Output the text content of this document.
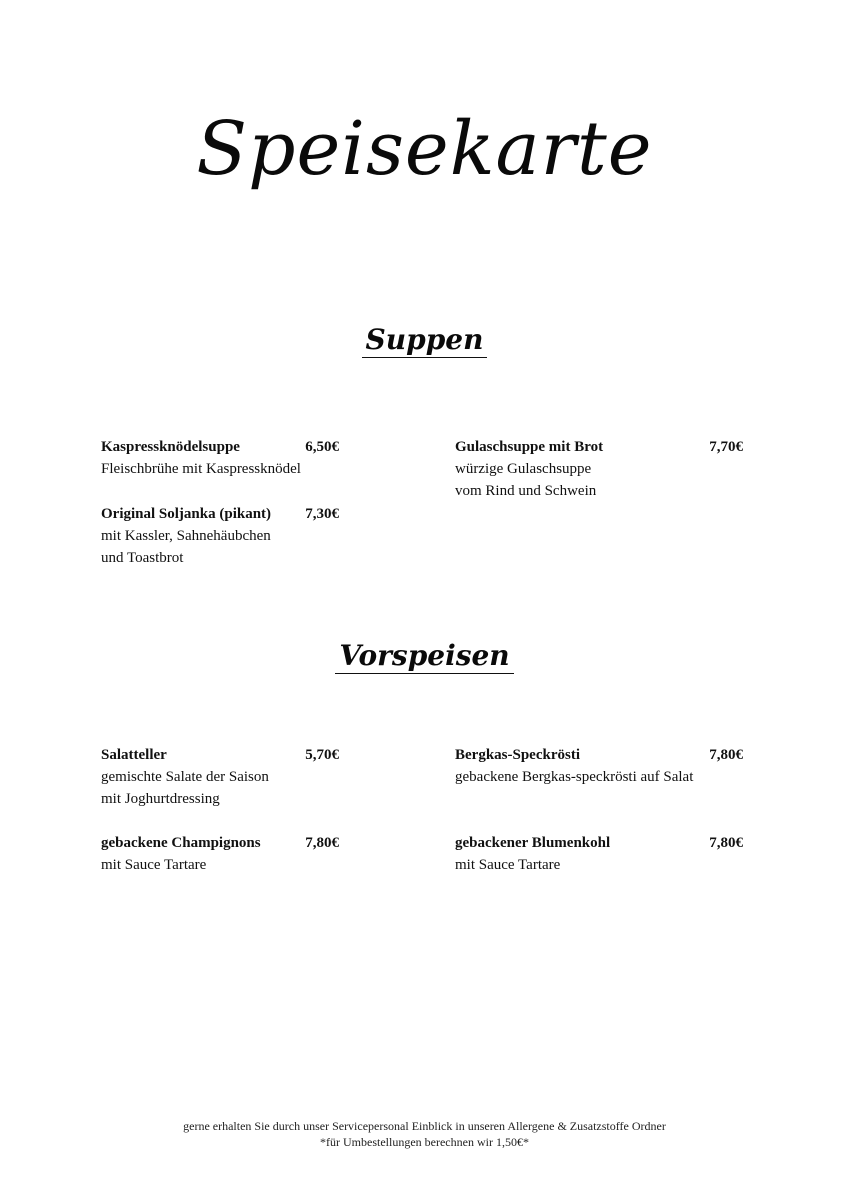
Speisekarte
Suppen
Kaspressknödelsuppe	6,50€
Fleischbrühe mit Kaspressknödel
Original Soljanka (pikant) 7,30€
mit Kassler, Sahnehäubchen
und Toastbrot
Gulaschsuppe mit Brot	7,70€
würzige Gulaschsuppe
vom Rind und Schwein
Vorspeisen
Salatteller	5,70€
gemischte Salate der Saison
mit Joghurtdressing
gebackene Champignons	7,80€
mit Sauce Tartare
Bergkas-Speckrösti	7,80€
gebackene Bergkas-speckrösti auf Salat
gebackener Blumenkohl	7,80€
mit Sauce Tartare
gerne erhalten Sie durch unser Servicepersonal Einblick in unseren Allergene & Zusatzstoffe Ordner
*für Umbestellungen berechnen wir 1,50€*
